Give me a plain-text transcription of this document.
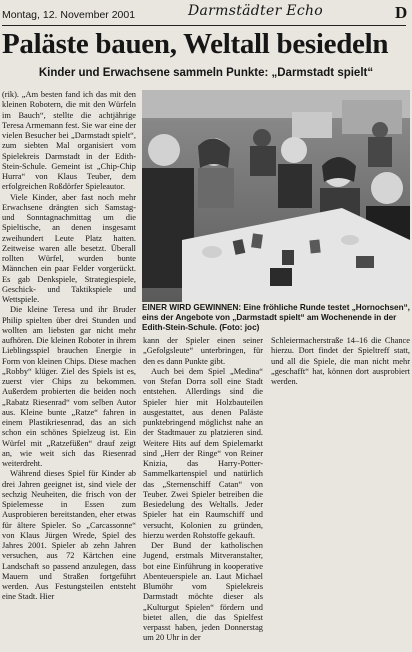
Montag, 12. November 2001	Darmstädter Echo	D
Paläste bauen, Weltall besiedeln
Kinder und Erwachsene sammeln Punkte: „Darmstadt spielt“

(rik). „Am besten fand ich das mit den kleinen Robotern, die mit den Würfeln im Bauch“, stellte die achtjährige Teresa Armemann fest. Sie war eine der vielen Besucher bei „Darmstadt spielt“, zum siebten Mal organisiert vom Spielekreis Darmstadt in der Edith-Stein-Schule. Gemeint ist „Chip-Chip Hurra“ von Klaus Teuber, dem erfolgreichen Roßdörfer Spieleautor.

Viele Kinder, aber fast noch mehr Erwachsene drängten sich Samstag- und Sonntagnachmittag um die Spieltische, an denen insgesamt zweihundert Leute Platz hatten. Zeitweise waren alle besetzt. Überall rollten Würfel, wurden bunte Männchen ein paar Felder vorgerückt. Es gab Denkspiele, Strategiespiele, Geschick- und Taktikspiele und Wettspiele.

Die kleine Teresa und ihr Bruder Philip spielten über drei Stunden und wollten am liebsten gar nicht mehr aufhören. Die kleinen Roboter in ihrem Lieblingsspiel brauchen Energie in Form von kleinen Chips. Diese machen „Robby“ klüger. Ziel des Spiels ist es, zuerst vier Chips zu bekommen. Außerdem probierten die beiden noch „Rabatz Riesenrad“ vom selben Autor aus. Kleine bunte „Ratze“ fahren in einem Plastikriesenrad, das an sich schon ein schönes Spielzeug ist. Ein Würfel mit „Ratzefüßen“ drauf zeigt an, wie weit sich das Riesenrad weiterdreht.

Während dieses Spiel für Kinder ab drei Jahren geeignet ist, sind viele der sechzig Neuheiten, die frisch von der Spielemesse in Essen zum Ausprobieren bereitstanden, eher etwas für ältere Spieler. So „Carcassonne“ von Klaus Jürgen Wrede, Spiel des Jahres 2001. Spieler ab zehn Jahren versuchen, aus 72 Kärtchen eine Landschaft so passend anzulegen, dass Mauern und Straßen fortgeführt werden. Aus Festungsteilen entsteht eine Stadt. Hier

EINER WIRD GEWINNEN: Eine fröhliche Runde testet „Hornochsen“, eins der Angebote von „Darmstadt spielt“ am Wochenende in der Edith-Stein-Schule. (Foto: joc)

kann der Spieler einen seiner „Gefolgsleute“ unterbringen, für den es dann Punkte gibt.

Auch bei dem Spiel „Medina“ von Stefan Dorra soll eine Stadt entstehen. Allerdings sind die Spieler hier mit Holzbauteilen ausgestattet, aus denen Paläste punktebringend möglichst nahe an der Stadtmauer zu platzieren sind. Weitere Hits auf dem Spielemarkt sind „Herr der Ringe“ von Reiner Knizia, das Harry-Potter-Sammelkartenspiel und natürlich das „Sternenschiff Catan“ von Teuber. Zwei Spieler betreiben die Besiedelung des Weltalls. Jeder Spieler hat ein Raumschiff und versucht, Kolonien zu gründen, hierzu werden Rohstoffe gekauft.

Der Bund der katholischen Jugend, erstmals Mitveranstalter, bot eine Einführung in kooperative Abenteuerspiele an. Laut Michael Blumöhr vom Spielekreis Darmstadt möchte dieser als „Kulturgut Spielen“ fördern und bietet allen, die das Spielfest verpasst haben, jeden Donnerstag um 20 Uhr in der

Schleiermacherstraße 14–16 die Chance hierzu. Dort findet der Spieltreff statt, und all die Spiele, die man nicht mehr „geschafft“ hat, können dort ausprobiert werden.
